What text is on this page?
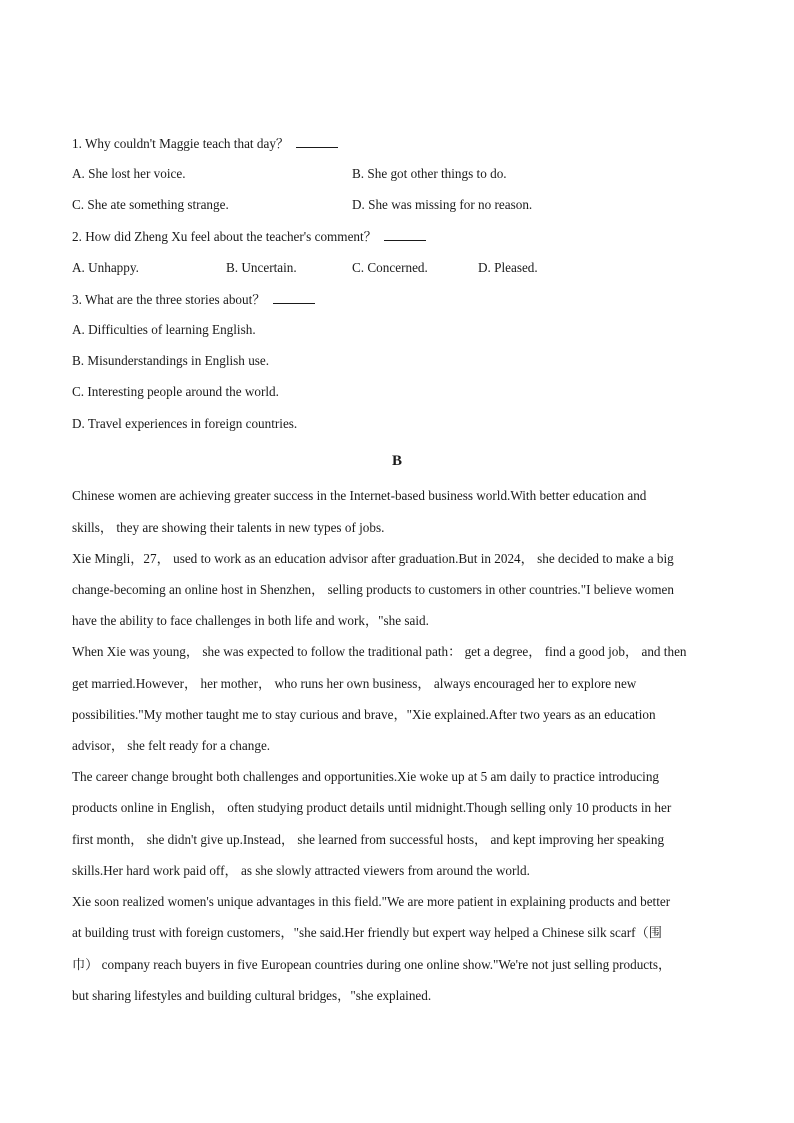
1. Why couldn't Maggie teach that day？
A. She lost her voice.	B. She got other things to do.
C. She ate something strange.	D. She was missing for no reason.
2. How did Zheng Xu feel about the teacher's comment？
A. Unhappy.	B. Uncertain.	C. Concerned.	D. Pleased.
3. What are the three stories about？
A. Difficulties of learning English.
B. Misunderstandings in English use.
C. Interesting people around the world.
D. Travel experiences in foreign countries.
B
Chinese women are achieving greater success in the Internet-based business world.With better education and
skills， they are showing their talents in new types of jobs.
Xie Mingli，27， used to work as an education advisor after graduation.But in 2024， she decided to make a big
change-becoming an online host in Shenzhen， selling products to customers in other countries."I believe women
have the ability to face challenges in both life and work，"she said.
When Xie was young， she was expected to follow the traditional path： get a degree， find a good job， and then
get married.However， her mother， who runs her own business， always encouraged her to explore new
possibilities."My mother taught me to stay curious and brave，"Xie explained.After two years as an education
advisor， she felt ready for a change.
The career change brought both challenges and opportunities.Xie woke up at 5 am daily to practice introducing
products online in English， often studying product details until midnight.Though selling only 10 products in her
first month， she didn't give up.Instead， she learned from successful hosts， and kept improving her speaking
skills.Her hard work paid off， as she slowly attracted viewers from around the world.
Xie soon realized women's unique advantages in this field."We are more patient in explaining products and better
at building trust with foreign customers，"she said.Her friendly but expert way helped a Chinese silk scarf（围
巾） company reach buyers in five European countries during one online show."We're not just selling products，
but sharing lifestyles and building cultural bridges，"she explained.
